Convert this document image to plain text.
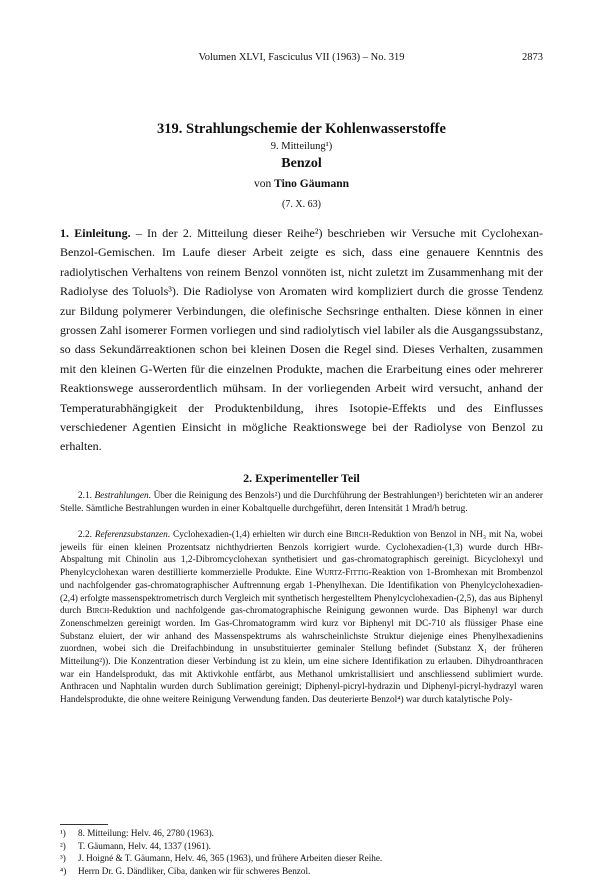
Volumen XLVI, Fasciculus VII (1963) – No. 319	2873
319. Strahlungschemie der Kohlenwasserstoffe
9. Mitteilung¹)
Benzol
von Tino Gäumann
(7. X. 63)
1. Einleitung. – In der 2. Mitteilung dieser Reihe²) beschrieben wir Versuche mit Cyclohexan-Benzol-Gemischen. Im Laufe dieser Arbeit zeigte es sich, dass eine genauere Kenntnis des radiolytischen Verhaltens von reinem Benzol vonnöten ist, nicht zuletzt im Zusammenhang mit der Radiolyse des Toluols³). Die Radiolyse von Aromaten wird kompliziert durch die grosse Tendenz zur Bildung polymerer Verbindungen, die olefinische Sechsringe enthalten. Diese können in einer grossen Zahl isomerer Formen vorliegen und sind radiolytisch viel labiler als die Ausgangssubstanz, so dass Sekundärreaktionen schon bei kleinen Dosen die Regel sind. Dieses Verhalten, zusammen mit den kleinen G-Werten für die einzelnen Produkte, machen die Erarbeitung eines oder mehrerer Reaktionswege ausserordentlich mühsam. In der vorliegenden Arbeit wird versucht, anhand der Temperaturabhängigkeit der Produktenbildung, ihres Isotopie-Effekts und des Einflusses verschiedener Agentien Einsicht in mögliche Reaktionswege bei der Radiolyse von Benzol zu erhalten.
2. Experimenteller Teil
2.1. Bestrahlungen. Über die Reinigung des Benzols²) und die Durchführung der Bestrahlungen³) berichteten wir an anderer Stelle. Sämtliche Bestrahlungen wurden in einer Kobaltquelle durchgeführt, deren Intensität 1 Mrad/h betrug.
2.2. Referenzsubstanzen. Cyclohexadien-(1,4) erhielten wir durch eine Birch-Reduktion von Benzol in NH₃ mit Na, wobei jeweils für einen kleinen Prozentsatz nichthydrierten Benzols korrigiert wurde. Cyclohexadien-(1,3) wurde durch HBr-Abspaltung mit Chinolin aus 1,2-Dibromcyclohexan synthetisiert und gas-chromatographisch gereinigt. Bicyclohexyl und Phenylcyclohexan waren destillierte kommerzielle Produkte. Eine Wurtz-Fittig-Reaktion von 1-Bromhexan mit Brombenzol und nachfolgender gas-chromatographischer Auftrennung ergab 1-Phenylhexan. Die Identifikation von Phenylcyclohexadien-(2,4) erfolgte massenspektrometrisch durch Vergleich mit synthetisch hergestelltem Phenylcyclohexadien-(2,5), das aus Biphenyl durch Birch-Reduktion und nachfolgende gas-chromatographische Reinigung gewonnen wurde. Das Biphenyl war durch Zonenschmelzen gereinigt worden. Im Gas-Chromatogramm wird kurz vor Biphenyl mit DC-710 als flüssiger Phase eine Substanz eluiert, der wir anhand des Massenspektrums als wahrscheinlichste Struktur diejenige eines Phenylhexadienins zuordnen, wobei sich die Dreifachbindung in unsubstituierter geminaler Stellung befindet (Substanz X₁ der früheren Mitteilung²)). Die Konzentration dieser Verbindung ist zu klein, um eine sichere Identifikation zu erlauben. Dihydroanthracen war ein Handelsprodukt, das mit Aktivkohle entfärbt, aus Methanol umkristallisiert und anschliessend sublimiert wurde. Anthracen und Naphtalin wurden durch Sublimation gereinigt; Diphenyl-picryl-hydrazin und Diphenyl-picryl-hydrazyl waren Handelsprodukte, die ohne weitere Reinigung Verwendung fanden. Das deuterierte Benzol⁴) war durch katalytische Poly-
¹) 8. Mitteilung: Helv. 46, 2780 (1963).
²) T. Gäumann, Helv. 44, 1337 (1961).
³) J. Hoigné & T. Gäumann, Helv. 46, 365 (1963), und frühere Arbeiten dieser Reihe.
⁴) Herrn Dr. G. Dändliker, Ciba, danken wir für schweres Benzol.
